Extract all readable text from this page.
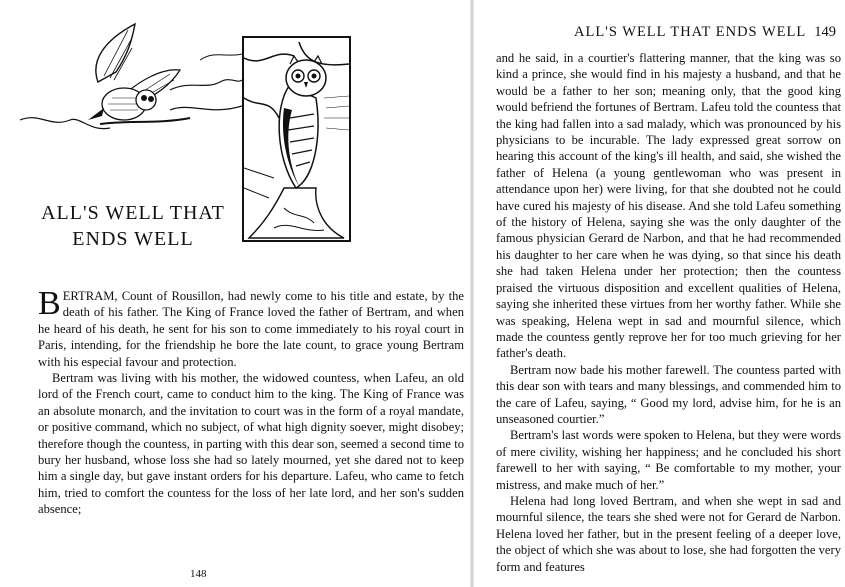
ALL'S WELL THAT
ENDS WELL

BERTRAM, Count of Rousillon, had newly come to his title and estate, by the death of his father. The King of France loved the father of Bertram, and when he heard of his death, he sent for his son to come immediately to his royal court in Paris, intending, for the friendship he bore the late count, to grace young Bertram with his especial favour and protection.

Bertram was living with his mother, the widowed countess, when Lafeu, an old lord of the French court, came to conduct him to the king. The King of France was an absolute monarch, and the invitation to court was in the form of a royal mandate, or positive command, which no subject, of what high dignity soever, might disobey; therefore though the countess, in parting with this dear son, seemed a second time to bury her husband, whose loss she had so lately mourned, yet she dared not to keep him a single day, but gave instant orders for his departure. Lafeu, who came to fetch him, tried to comfort the countess for the loss of her late lord, and her son's sudden absence;

148
ALL'S WELL THAT ENDS WELL 149

and he said, in a courtier's flattering manner, that the king was so kind a prince, she would find in his majesty a husband, and that he would be a father to her son; meaning only, that the good king would befriend the fortunes of Bertram. Lafeu told the countess that the king had fallen into a sad malady, which was pronounced by his physicians to be incurable. The lady expressed great sorrow on hearing this account of the king's ill health, and said, she wished the father of Helena (a young gentlewoman who was present in attendance upon her) were living, for that she doubted not he could have cured his majesty of his disease. And she told Lafeu something of the history of Helena, saying she was the only daughter of the famous physician Gerard de Narbon, and that he had recommended his daughter to her care when he was dying, so that since his death she had taken Helena under her protection; then the countess praised the virtuous disposition and excellent qualities of Helena, saying she inherited these virtues from her worthy father. While she was speaking, Helena wept in sad and mournful silence, which made the countess gently reprove her for too much grieving for her father's death.

Bertram now bade his mother farewell. The countess parted with this dear son with tears and many blessings, and commended him to the care of Lafeu, saying, “ Good my lord, advise him, for he is an unseasoned courtier.”

Bertram's last words were spoken to Helena, but they were words of mere civility, wishing her happiness; and he concluded his short farewell to her with saying, “ Be comfortable to my mother, your mistress, and make much of her.”

Helena had long loved Bertram, and when she wept in sad and mournful silence, the tears she shed were not for Gerard de Narbon. Helena loved her father, but in the present feeling of a deeper love, the object of which she was about to lose, she had forgotten the very form and features
